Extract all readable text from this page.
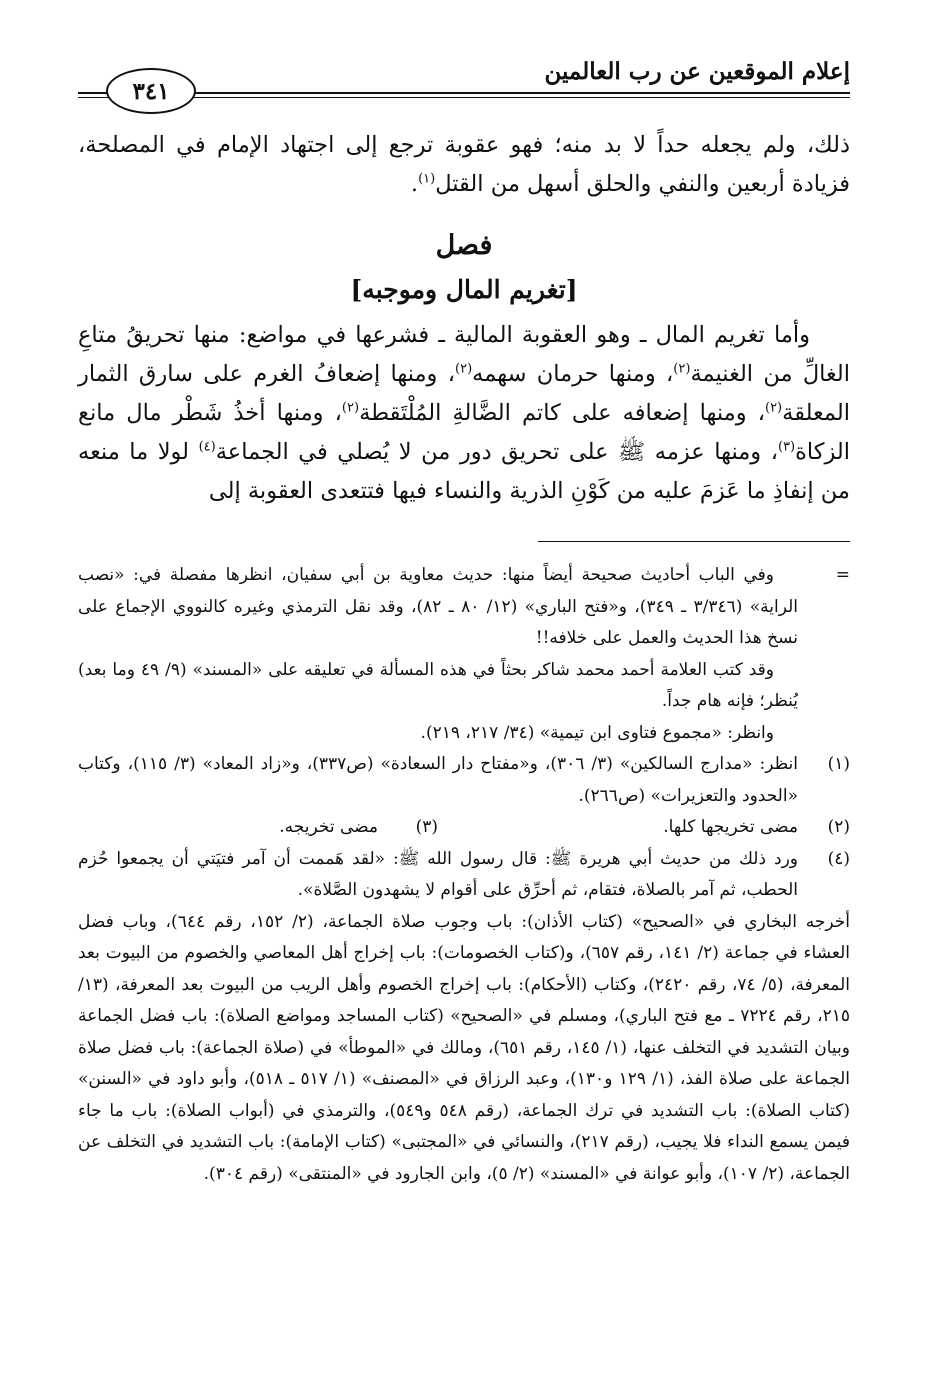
إعلام الموقعين عن رب العالمين
٣٤١

ذلك، ولم يجعله حداً لا بد منه؛ فهو عقوبة ترجع إلى اجتهاد الإمام في المصلحة، فزيادة أربعين والنفي والحلق أسهل من القتل$^{(١)}$.

فصل
[تغريم المال وموجبه]

وأما تغريم المال ـ وهو العقوبة المالية ـ فشرعها في مواضع: منها تحريقُ متاعِ الغالِّ من الغنيمة$^{(٢)}$، ومنها حرمان سهمه$^{(٢)}$، ومنها إضعافُ الغرم على سارق الثمار المعلقة$^{(٢)}$، ومنها إضعافه على كاتم الضَّالةِ المُلْتَقطة$^{(٢)}$، ومنها أخذُ شَطْر مال مانع الزكاة$^{(٣)}$، ومنها عزمه ﷺ على تحريق دور من لا يُصلي في الجماعة$^{(٤)}$ لولا ما منعه من إنفاذِ ما عَزمَ عليه من كَوْنِ الذرية والنساء فيها فتتعدى العقوبة إلى

=

وفي الباب أحاديث صحيحة أيضاً منها: حديث معاوية بن أبي سفيان، انظرها مفصلة في: «نصب الراية» (٣/٣٤٦ ـ ٣٤٩)، و«فتح الباري» (١٢/ ٨٠ ـ ٨٢)، وقد نقل الترمذي وغيره كالنووي الإجماع على نسخ هذا الحديث والعمل على خلافه!!

وقد كتب العلامة أحمد محمد شاكر بحثاً في هذه المسألة في تعليقه على «المسند» (٩/ ٤٩ وما بعد) يُنظر؛ فإنه هام جداً.

وانظر: «مجموع فتاوى ابن تيمية» (٣٤/ ٢١٧، ٢١٩).

(١)

انظر: «مدارج السالكين» (٣/ ٣٠٦)، و«مفتاح دار السعادة» (ص٣٣٧)، و«زاد المعاد» (٣/ ١١٥)، وكتاب «الحدود والتعزيرات» (ص٢٦٦).

(٢)
مضى تخريجها كلها.
(٣)مضى تخريجه.
(٤)

ورد ذلك من حديث أبي هريرة ﷺ: قال رسول الله ﷺ: «لقد هَممت أن آمر فتيَتي أن يجمعوا حُزم الحطب، ثم آمر بالصلاة، فتقام، ثم أحرِّق على أقوام لا يشهدون الصَّلاة».

أخرجه البخاري في «الصحيح» (كتاب الأذان): باب وجوب صلاة الجماعة، (٢/ ١٥٢، رقم ٦٤٤)، وباب فضل العشاء في جماعة (٢/ ١٤١، رقم ٦٥٧)، و(كتاب الخصومات): باب إخراج أهل المعاصي والخصوم من البيوت بعد المعرفة، (٥/ ٧٤، رقم ٢٤٢٠)، وكتاب (الأحكام): باب إخراج الخصوم وأهل الريب من البيوت بعد المعرفة، (١٣/ ٢١٥، رقم ٧٢٢٤ ـ مع فتح الباري)، ومسلم في «الصحيح» (كتاب المساجد ومواضع الصلاة): باب فضل الجماعة وبيان التشديد في التخلف عنها، (١/ ١٤٥، رقم ٦٥١)، ومالك في «الموطأ» في (صلاة الجماعة): باب فضل صلاة الجماعة على صلاة الفذ، (١/ ١٢٩ و١٣٠)، وعبد الرزاق في «المصنف» (١/ ٥١٧ ـ ٥١٨)، وأبو داود في «السنن» (كتاب الصلاة): باب التشديد في ترك الجماعة، (رقم ٥٤٨ و٥٤٩)، والترمذي في (أبواب الصلاة): باب ما جاء فيمن يسمع النداء فلا يجيب، (رقم ٢١٧)، والنسائي في «المجتبى» (كتاب الإمامة): باب التشديد في التخلف عن الجماعة، (٢/ ١٠٧)، وأبو عوانة في «المسند» (٢/ ٥)، وابن الجارود في «المنتقى» (رقم ٣٠٤).
